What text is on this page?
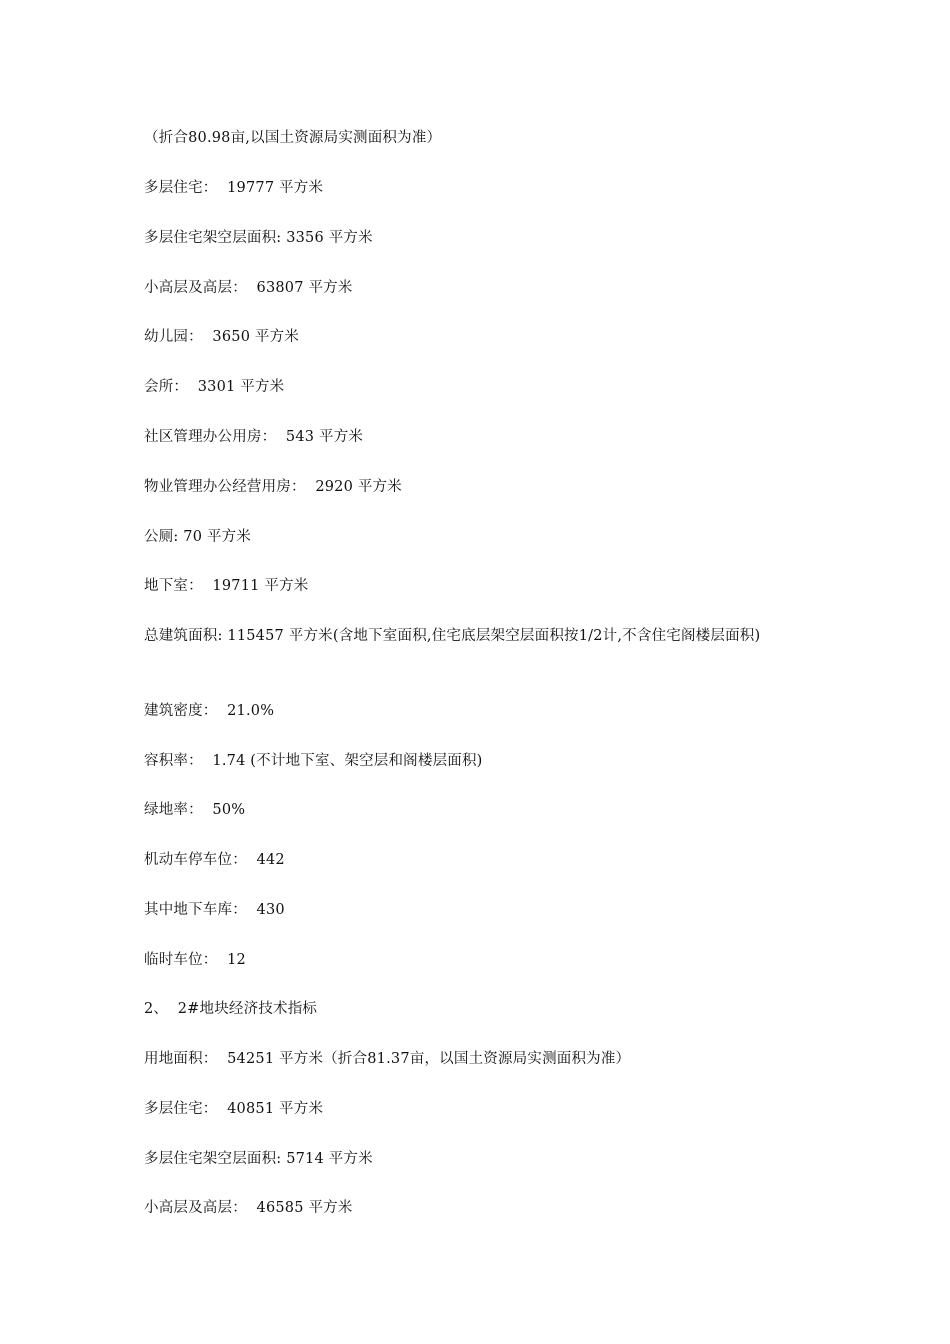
（折合80.98亩,以国土资源局实测面积为准）
多层住宅：  19777 平方米
多层住宅架空层面积: 3356 平方米
小高层及高层：  63807 平方米
幼儿园：  3650 平方米
会所：  3301 平方米
社区管理办公用房：  543 平方米
物业管理办公经营用房：  2920 平方米
公厕: 70 平方米
地下室：  19711 平方米
总建筑面积: 115457 平方米(含地下室面积,住宅底层架空层面积按1/2计,不含住宅阁楼层面积)
建筑密度：  21.0%
容积率：  1.74 (不计地下室、架空层和阁楼层面积)
绿地率：  50%
机动车停车位：  442
其中地下车库：  430
临时车位：  12
2、  2#地块经济技术指标
用地面积：  54251 平方米（折合81.37亩，以国土资源局实测面积为准）
多层住宅：  40851 平方米
多层住宅架空层面积: 5714 平方米
小高层及高层：  46585 平方米
